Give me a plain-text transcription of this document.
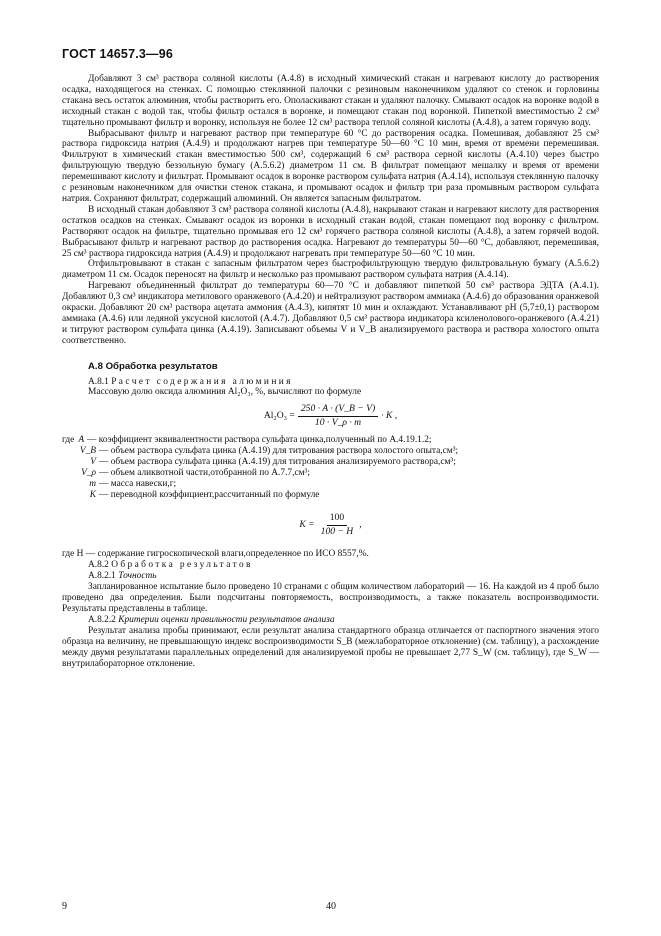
ГОСТ 14657.3—96

Добавляют 3 см³ раствора соляной кислоты (А.4.8) в исходный химический стакан и нагревают кислоту до растворения осадка, находящегося на стенках. С помощью стеклянной палочки с резиновым наконечником удаляют со стенок и горловины стакана весь остаток алюминия, чтобы растворить его. Ополаскивают стакан и удаляют палочку. Смывают осадок на воронке водой в исходный стакан с водой так, чтобы фильтр остался в воронке, и помещают стакан под воронкой. Пипеткой вместимостью 2 см³ тщательно промывают фильтр и воронку, используя не более 12 см³ раствора теплой соляной кислоты (А.4.8), а затем горячую воду.

Выбрасывают фильтр и нагревают раствор при температуре 60 °С до растворения осадка. Помешивая, добавляют 25 см³ раствора гидроксида натрия (А.4.9) и продолжают нагрев при температуре 50—60 °С 10 мин, время от времени перемешивая. Фильтруют в химический стакан вместимостью 500 см³, содержащий 6 см³ раствора серной кислоты (А.4.10) через быстро фильтрующую твердую беззольную бумагу (А.5.6.2) диаметром 11 см. В фильтрат помещают мешалку и время от времени перемешивают кислоту и фильтрат. Промывают осадок в воронке раствором сульфата натрия (А.4.14), используя стеклянную палочку с резиновым наконечником для очистки стенок стакана, и промывают осадок и фильтр три раза промывным раствором сульфата натрия. Сохраняют фильтрат, содержащий алюминий. Он является запасным фильтратом.

В исходный стакан добавляют 3 см³ раствора соляной кислоты (А.4.8), накрывают стакан и нагревают кислоту для растворения остатков осадков на стенках. Смывают осадок из воронки в исходный стакан водой, стакан помещают под воронку с фильтром. Растворяют осадок на фильтре, тщательно промывая его 12 см³ горячего раствора соляной кислоты (А.4.8), а затем горячей водой. Выбрасывают фильтр и нагревают раствор до растворения осадка. Нагревают до температуры 50—60 °С, добавляют, перемешивая, 25 см³ раствора гидроксида натрия (А.4.9) и продолжают нагревать при температуре 50—60 °С 10 мин.

Отфильтровывают в стакан с запасным фильтратом через быстрофильтрующую твердую фильтровальную бумагу (А.5.6.2) диаметром 11 см. Осадок переносят на фильтр и несколько раз промывают раствором сульфата натрия (А.4.14).

Нагревают объединенный фильтрат до температуры 60—70 °С и добавляют пипеткой 50 см³ раствора ЭДТА (А.4.1). Добавляют 0,3 см³ индикатора метилового оранжевого (А.4.20) и нейтрализуют раствором аммиака (А.4.6) до образования оранжевой окраски. Добавляют 20 см³ раствора ацетата аммония (А.4.3), кипятят 10 мин и охлаждают. Устанавливают pH (5,7±0,1) раствором аммиака (А.4.6) или ледяной уксусной кислотой (А.4.7). Добавляют 0,5 см³ раствора индикатора ксиленолового-оранжевого (А.4.21) и титруют раствором сульфата цинка (А.4.19). Записывают объемы V и V_B анализируемого раствора и раствора холостого опыта соответственно.

А.8 Обработка результатов

А.8.1 Расчет содержания алюминия

Массовую долю оксида алюминия Al₂O₃, %, вычисляют по формуле

$Al_2O_3 = \frac{250 \cdot A \cdot (V\_B - V)}{10 \cdot V\_\rho \cdot m} \cdot K$ ,
где A — коэффициент эквивалентности раствора сульфата цинка,полученный по А.4.19.1.2;
V_B — объем раствора сульфата цинка (А.4.19) для титрования раствора холостого опыта,см³;
V — объем раствора сульфата цинка (А.4.19) для титрования анализируемого раствора,см³;
V_ρ — объем аликвотной части,отобранной по А.7.7,см³;
m — масса навески,г;
K — переводной коэффициент,рассчитанный по формуле
$K = \frac{100}{100 - H}$ ,

где H — содержание гигроскопической влаги,определенное по ИСО 8557,%.

А.8.2 Обработка результатов

А.8.2.1 Точность

Запланированное испытание было проведено 10 странами с общим количеством лабораторий — 16. На каждой из 4 проб было проведено два определения. Были подсчитаны повторяемость, воспроизводимость, а также показатель воспроизводимости. Результаты представлены в таблице.

А.8.2.2 Критерии оценки правильности результатов анализа

Результат анализа пробы принимают, если результат анализа стандартного образца отличается от паспортного значения этого образца на величину, не превышающую индекс воспроизводимости S_B (межлабораторное отклонение) (см. таблицу), а расхождение между двумя результатами параллельных определений для анализируемой пробы не превышает 2,77 S_W (см. таблицу), где S_W — внутрилабораторное отклонение.

9	40
